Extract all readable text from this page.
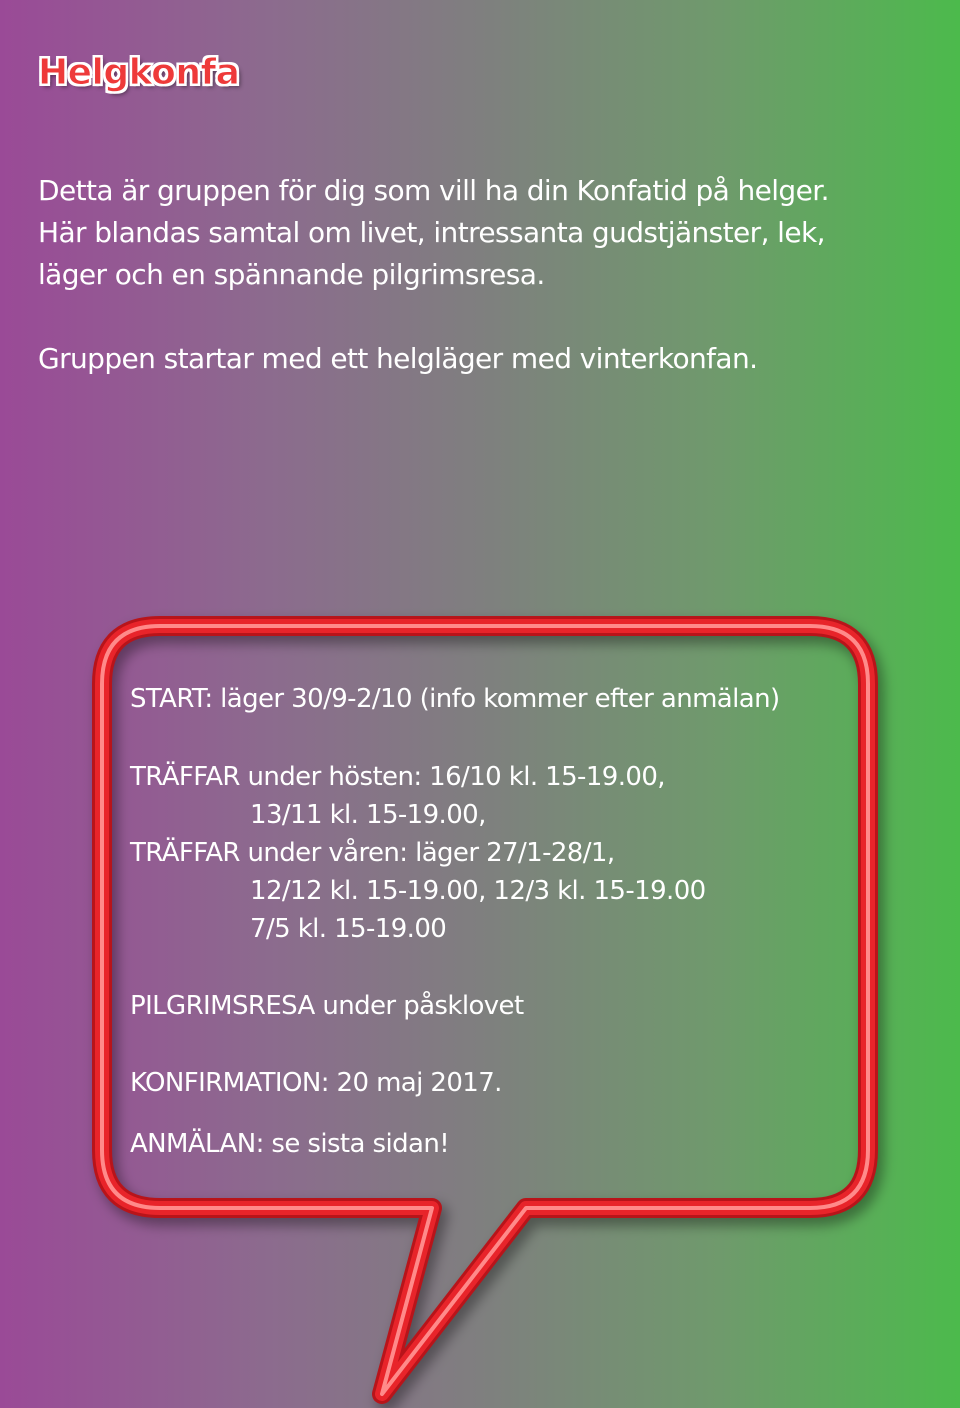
Helgkonfa

Detta är gruppen för dig som vill ha din Konfatid på helger.

Här blandas samtal om livet, intressanta gudstjänster, lek,

läger och en spännande pilgrimsresa.

Gruppen startar med ett helgläger med vinterkonfan.

START: läger 30/9-2/10 (info kommer efter anmälan)
TRÄFFAR under hösten: 16/10 kl. 15-19.00,
13/11 kl. 15-19.00,
TRÄFFAR under våren: läger 27/1-28/1,
12/12 kl. 15-19.00, 12/3 kl. 15-19.00
7/5 kl. 15-19.00
PILGRIMSRESA under påsklovet
KONFIRMATION: 20 maj 2017.
ANMÄLAN: se sista sidan!
